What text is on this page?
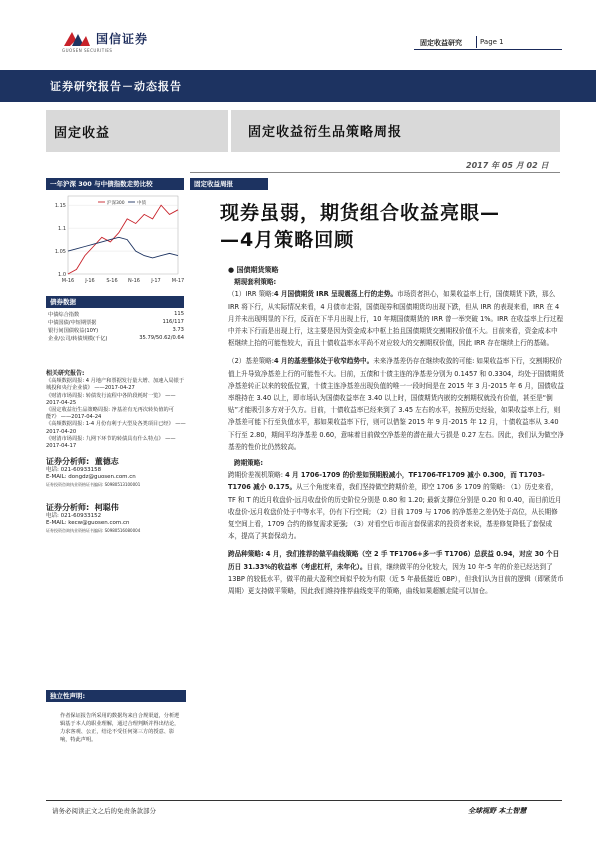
国信证券
GUOSEN SECURITIES
固定收益研究	Page 1
证券研究报告－动态报告
固定收益	固定收益衍生品策略周报
2017 年 05 月 02 日
一年沪深 300 与中债指数走势比较
1.0
1.05
1.1
1.15
M-16 J-16 S-16 N-16 J-17 M-17
沪深300	中债
债券数据
中债综合指数	115
中债国债/中短期票据	116/117
银行间国债收益(10Y)	3.73
企业/公司/转债规模(千亿)	35.79/50.62/0.64
相关研究报告:
《高频数据周报: 4 月地产和票据发行量大增、加速入局银于城投和央行企业债》 ——2017-04-27
《财清市场周报: 转债发行流程中各阶段耗时一览》 ——2017-04-25
《固定收益衍生品策略周报: 净基差有无再次转负值的可能?》 ——2017-04-24
《高频数据周报: 1-4 月份有利于大型及各类项目已经》 ——2017-04-20
《财清市场周报: 九网下环节的转债具有什么特点》 ——2017-04-17
证券分析师: 董德志
电话: 021-60933158
E-MAIL: dongdz@guosen.com.cn
证券投资咨询执业资格证书编码: S0980513100001
证券分析师: 柯聪伟
电话: 021-60933152
E-MAIL: kecw@guosen.com.cn
证券投资咨询执业资格证书编码: S0980516080004
独立性声明:
作者保证报告所采用的数据均来自合规渠道，分析逻辑基于本人的职业理解，通过合理判断并得出结论，力求客观、公正，结论不受任何第三方的授意、影响，特此声明。
固定收益周报
现券虽弱，期货组合收益亮眼—
—4月策略回顾
● 国债期货策略
期现套利策略:

（1）IRR 策略:4 月国债期货 IRR 呈现震荡上行的走势。市场资者担心，如果收益率上行，国债期货下跌，那么 IRR 将下行，从实际情况来看，4 月债市走弱，国债现券和国债期货均出现下跌，但从 IRR 的表现来看，IRR 在 4 月并未出现明显的下行，反而在下半月出现上行，10 年期国债期货的 IRR 曾一举突破 1%。IRR 在收益率上行过程中并未下行而是出现上行，这主要是因为资金成本中枢上抬且国债期货交割期权价值不大。目前来看，资金成本中枢继续上抬的可能性较大，而且十债收益率水平尚不对应较大的交割期权价值，因此 IRR 存在继续上行的基础。

（2）基差策略:4 月的基差整体处于收窄趋势中。未来净基差仍存在继续收敛的可能: 如果收益率下行，交割期权价值上升导致净基差上行的可能性不大。目前，五债和十债主连的净基差分别为 0.1457 和 0.3304，均处于国债期货净基差转正以来的较低位置，十债主连净基差出现负值的唯一一段时间是在 2015 年 3 月-2015 年 6 月，国债收益率维持在 3.40 以上，即市场认为国债收益率在 3.40 以上时，国债期货内嵌的交割期权就没有价值，甚至是“倒贴”才能吸引多方对于久方。目前，十债收益率已经来到了 3.45 左右的水平，按照历史经验，如果收益率上行，则净基差可能下行至负值水平，那如果收益率下行，则可以借鉴 2015 年 9 月-2015 年 12 月，十债收益率从 3.40 下行至 2.80，期间平均净基差 0.60，意味着目前做空净基差的潜在最大亏损是 0.27 左右。因此，我们认为做空净基差的性价比仍然较高。

跨期策略:

跨期价差视机策略: 4 月 1706-1709 的价差如预期般减小，TF1706-TF1709 减小 0.300，而 T1703-T1706 减小 0.175。从三个角度来看，我们坚持做空跨期价差，即空 1706 多 1709 的策略: （1）历史来看，TF 和 T 的近月收盘价-远月收盘价的历史阶位分别是 0.80 和 1.20; 最新支撑位分别是 0.20 和 0.40，而目前近月收盘价-远月收盘价处于中等水平，仍有下行空间; （2）目前 1709 与 1706 的净基差之差仍处于高位，从长期修复空间上看，1709 合约的修复需求更强; （3）对看空后市而言套保需求的投资者来说，基差修复降低了套保成本，提高了其套保动力。

跨品种策略: 4 月，我们推荐的做平曲线策略（空 2 手 TF1706+多一手 T1706）总获益 0.94，对应 30 个日历日 31.33%的收益率（考虑杠杆，未年化）。目前，继续做平的分化较大，因为 10 年-5 年的价差已经达到了 13BP 的较低水平，做平的最大盈利空间似乎较为有限（近 5 年最低接近 0BP），但我们认为目前的逻辑（即紧货币周期）更支持做平策略，因此我们维持推荐曲线变平的策略，曲线如果超额走陡可以加仓。

请务必阅读正文之后的免责条款部分	全球视野 本土智慧
